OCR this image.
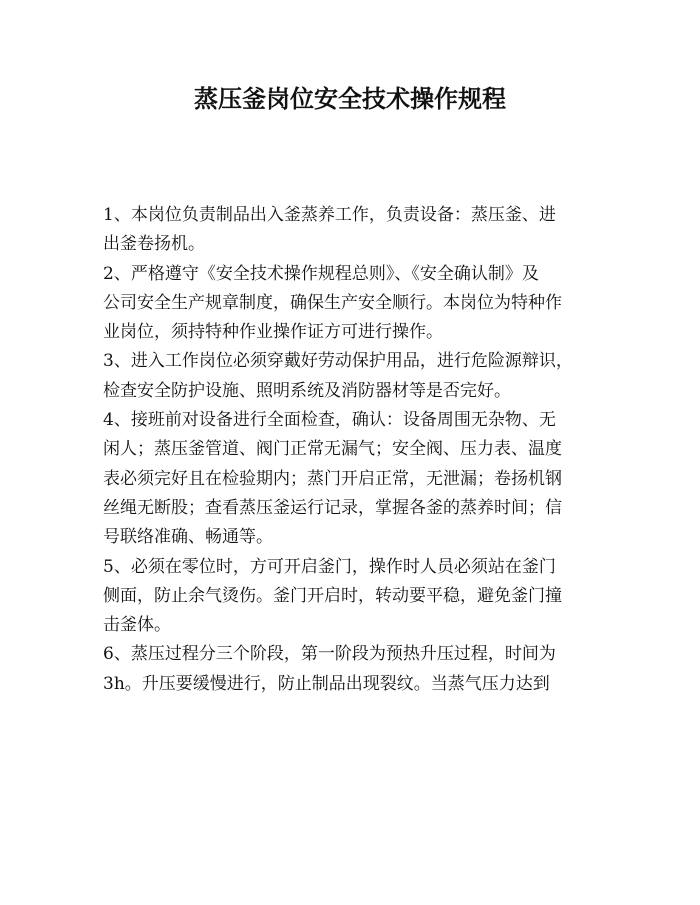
蒸压釜岗位安全技术操作规程
1、本岗位负责制品出入釜蒸养工作，负责设备：蒸压釜、进
出釜卷扬机。
2、严格遵守《安全技术操作规程总则》、《安全确认制》及
公司安全生产规章制度，确保生产安全顺行。本岗位为特种作
业岗位，须持特种作业操作证方可进行操作。
3、进入工作岗位必须穿戴好劳动保护用品，进行危险源辩识，
检查安全防护设施、照明系统及消防器材等是否完好。
4、接班前对设备进行全面检查，确认：设备周围无杂物、无
闲人；蒸压釜管道、阀门正常无漏气；安全阀、压力表、温度
表必须完好且在检验期内；蒸门开启正常，无泄漏；卷扬机钢
丝绳无断股；查看蒸压釜运行记录，掌握各釜的蒸养时间；信
号联络准确、畅通等。
5、必须在零位时，方可开启釜门，操作时人员必须站在釜门
侧面，防止余气烫伤。釜门开启时，转动要平稳，避免釜门撞
击釜体。
6、蒸压过程分三个阶段，第一阶段为预热升压过程，时间为
3h。升压要缓慢进行，防止制品出现裂纹。当蒸气压力达到
